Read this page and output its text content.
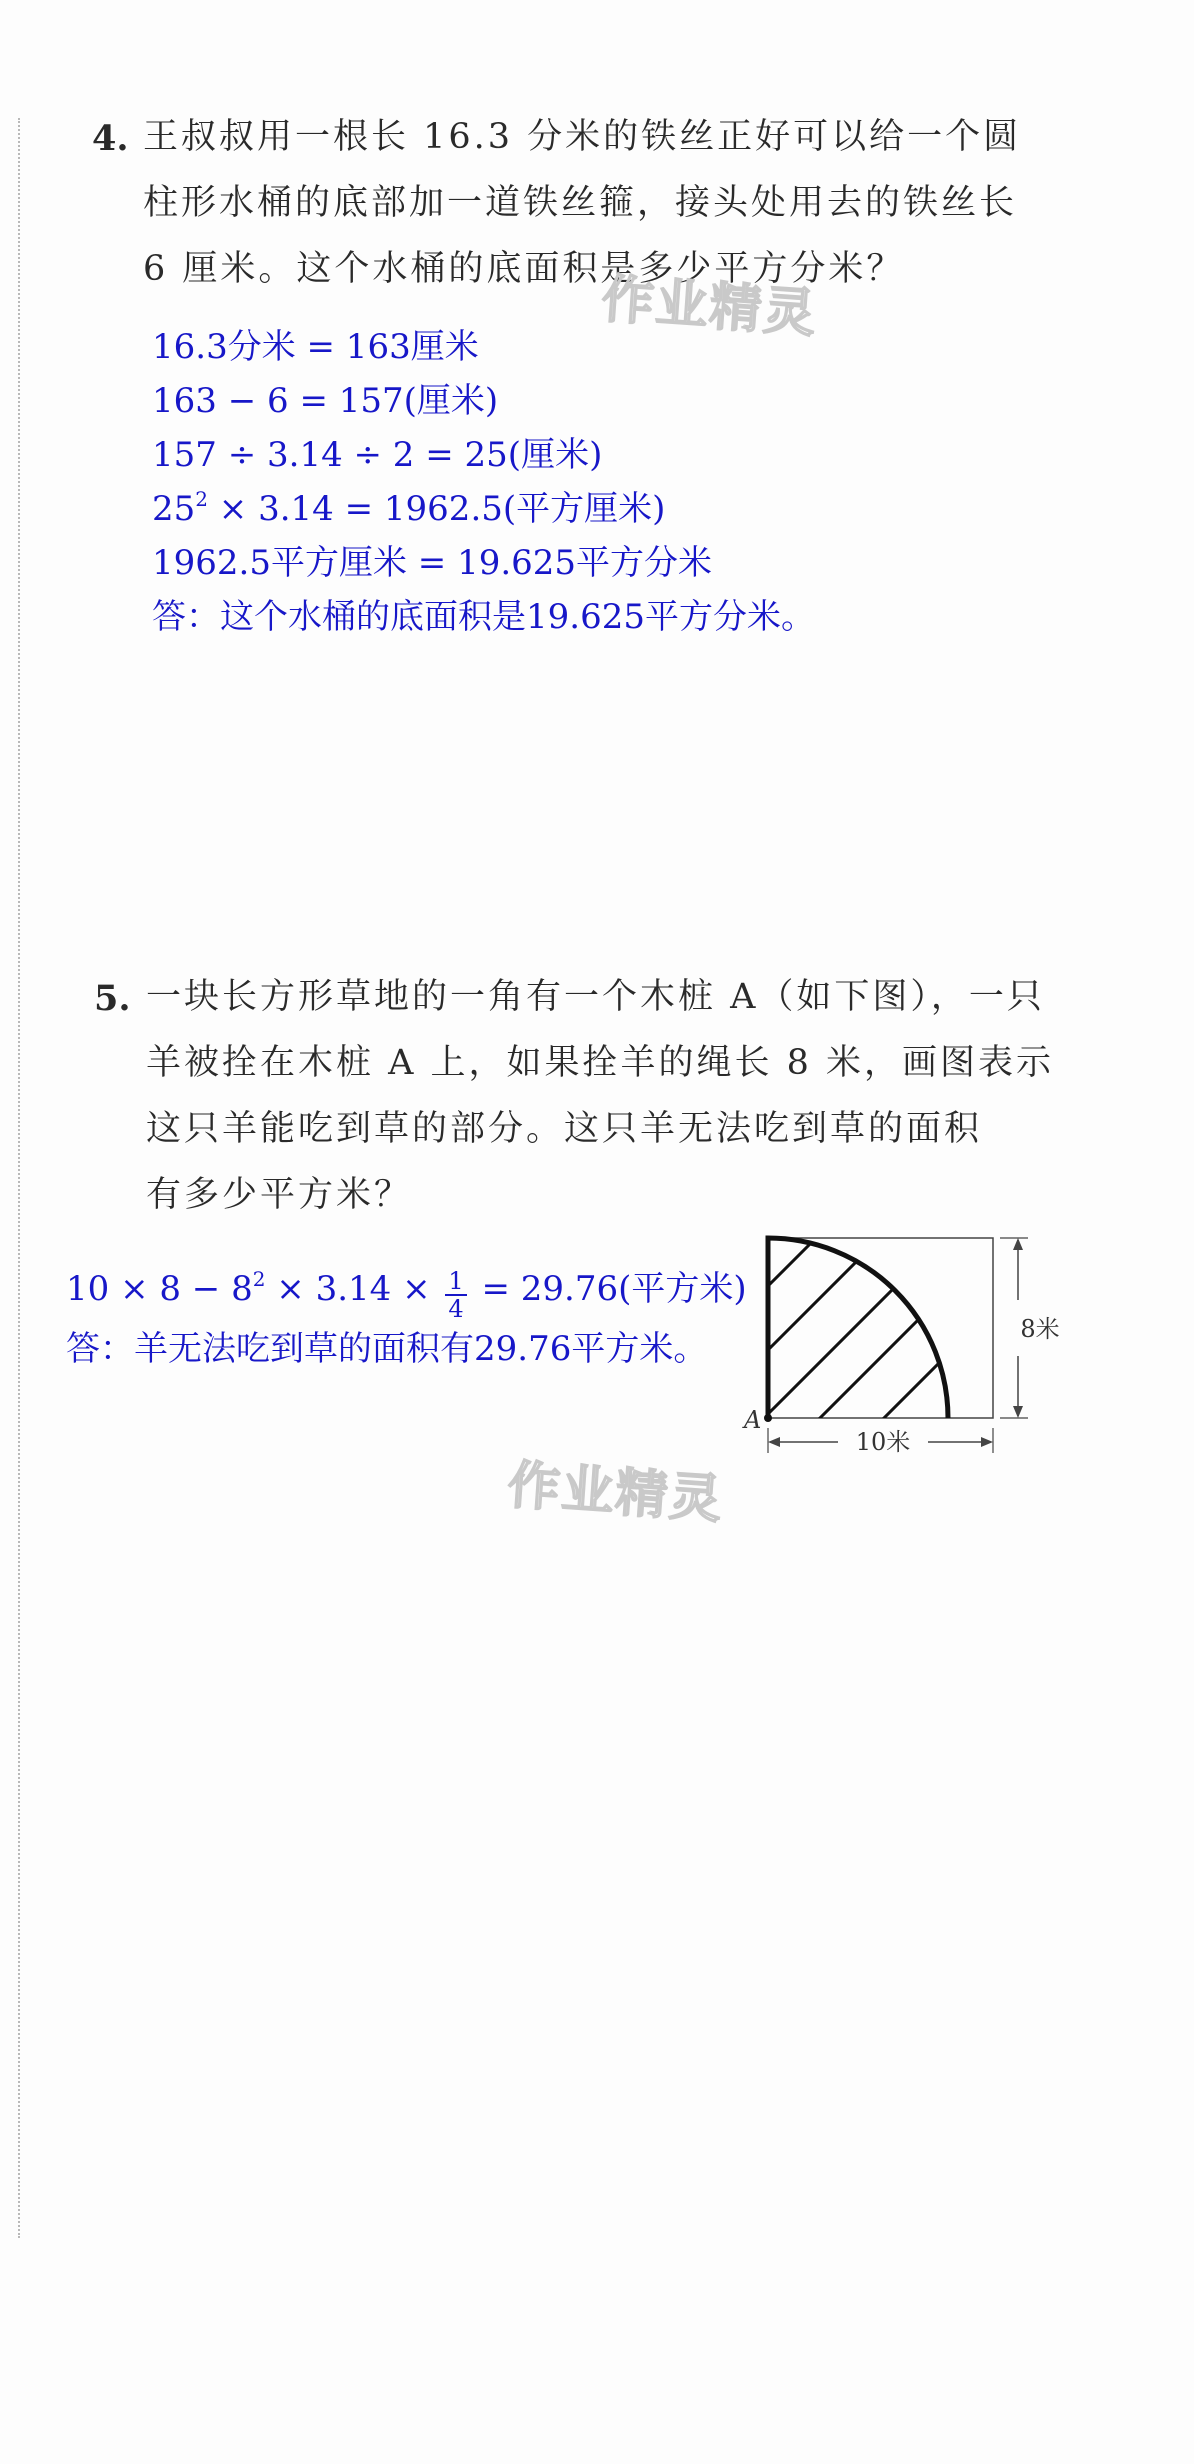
4. 王叔叔用一根长 16.3 分米的铁丝正好可以给一个圆
柱形水桶的底部加一道铁丝箍，接头处用去的铁丝长
6 厘米。这个水桶的底面积是多少平方分米？
作业精灵
16.3分米 = 163厘米
163 − 6 = 157(厘米)
157 ÷ 3.14 ÷ 2 = 25(厘米)
$25^2 \times 3.14 = 1962.5$(平方厘米)
1962.5平方厘米 = 19.625平方分米
答：这个水桶的底面积是19.625平方分米。
5. 一块长方形草地的一角有一个木桩 A（如下图），一只
羊被拴在木桩 A 上，如果拴羊的绳长 8 米，画图表示
这只羊能吃到草的部分。这只羊无法吃到草的面积
有多少平方米？
$10 \times 8 - 8^2 \times 3.14 \times \frac{1}{4} = 29.76$(平方米)
答：羊无法吃到草的面积有29.76平方米。
A
10米
8米
作业精灵
